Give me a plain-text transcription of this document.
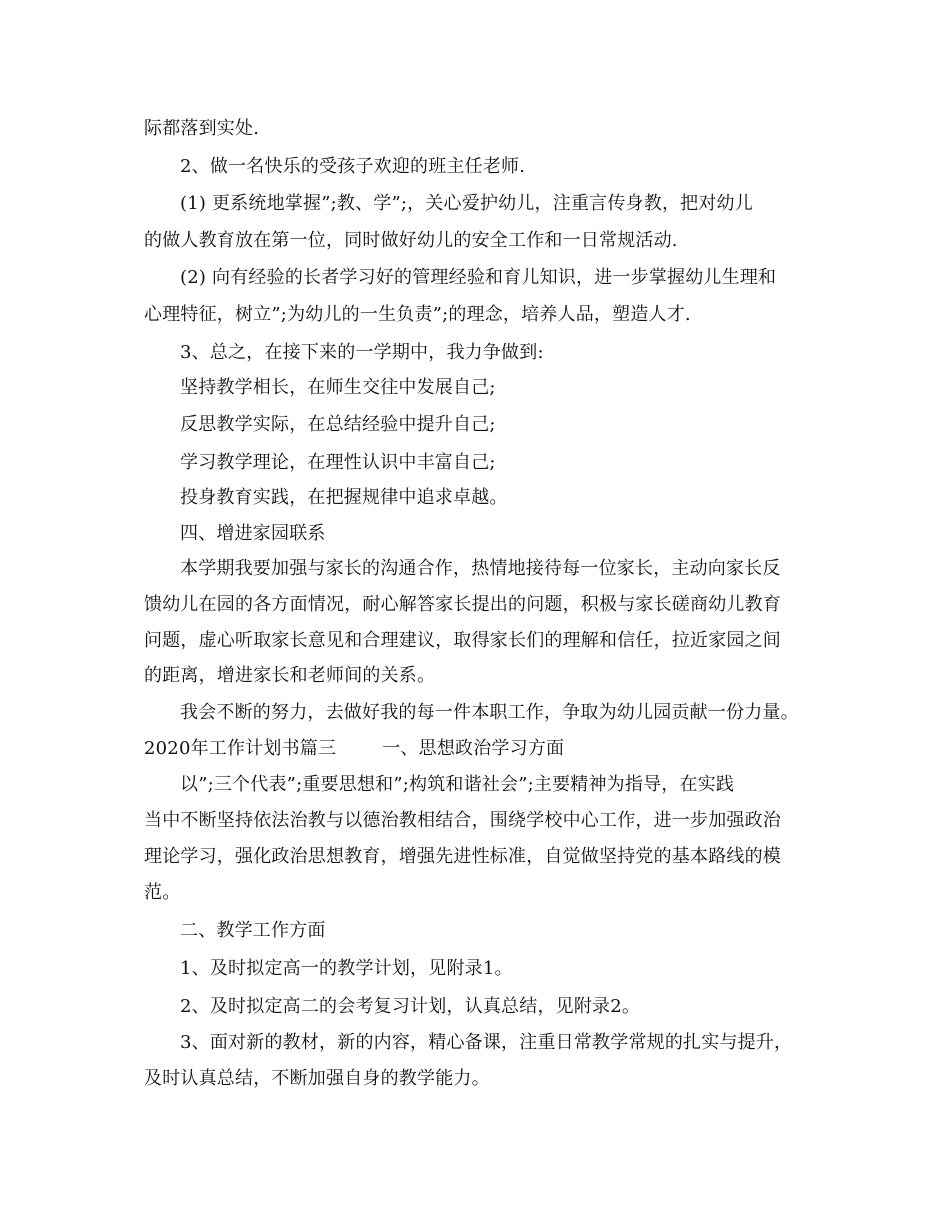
际都落到实处.
2、做一名快乐的受孩子欢迎的班主任老师.
(1) 更系统地掌握”;教、学”;，关心爱护幼儿，注重言传身教，把对幼儿
的做人教育放在第一位，同时做好幼儿的安全工作和一日常规活动.
(2) 向有经验的长者学习好的管理经验和育儿知识，进一步掌握幼儿生理和
心理特征，树立”;为幼儿的一生负责”;的理念，培养人品，塑造人才.
3、总之，在接下来的一学期中，我力争做到:
坚持教学相长，在师生交往中发展自己;
反思教学实际，在总结经验中提升自己;
学习教学理论，在理性认识中丰富自己;
投身教育实践，在把握规律中追求卓越。
四、增进家园联系
本学期我要加强与家长的沟通合作，热情地接待每一位家长，主动向家长反
馈幼儿在园的各方面情况，耐心解答家长提出的问题，积极与家长磋商幼儿教育
问题，虚心听取家长意见和合理建议，取得家长们的理解和信任，拉近家园之间
的距离，增进家长和老师间的关系。
我会不断的努力，去做好我的每一件本职工作，争取为幼儿园贡献一份力量。
2020年工作计划书篇三	一、思想政治学习方面
以”;三个代表”;重要思想和”;构筑和谐社会”;主要精神为指导，在实践
当中不断坚持依法治教与以德治教相结合，围绕学校中心工作，进一步加强政治
理论学习，强化政治思想教育，增强先进性标准，自觉做坚持党的基本路线的模
范。
二、教学工作方面
1、及时拟定高一的教学计划，见附录1。
2、及时拟定高二的会考复习计划，认真总结，见附录2。
3、面对新的教材，新的内容，精心备课，注重日常教学常规的扎实与提升，
及时认真总结，不断加强自身的教学能力。
